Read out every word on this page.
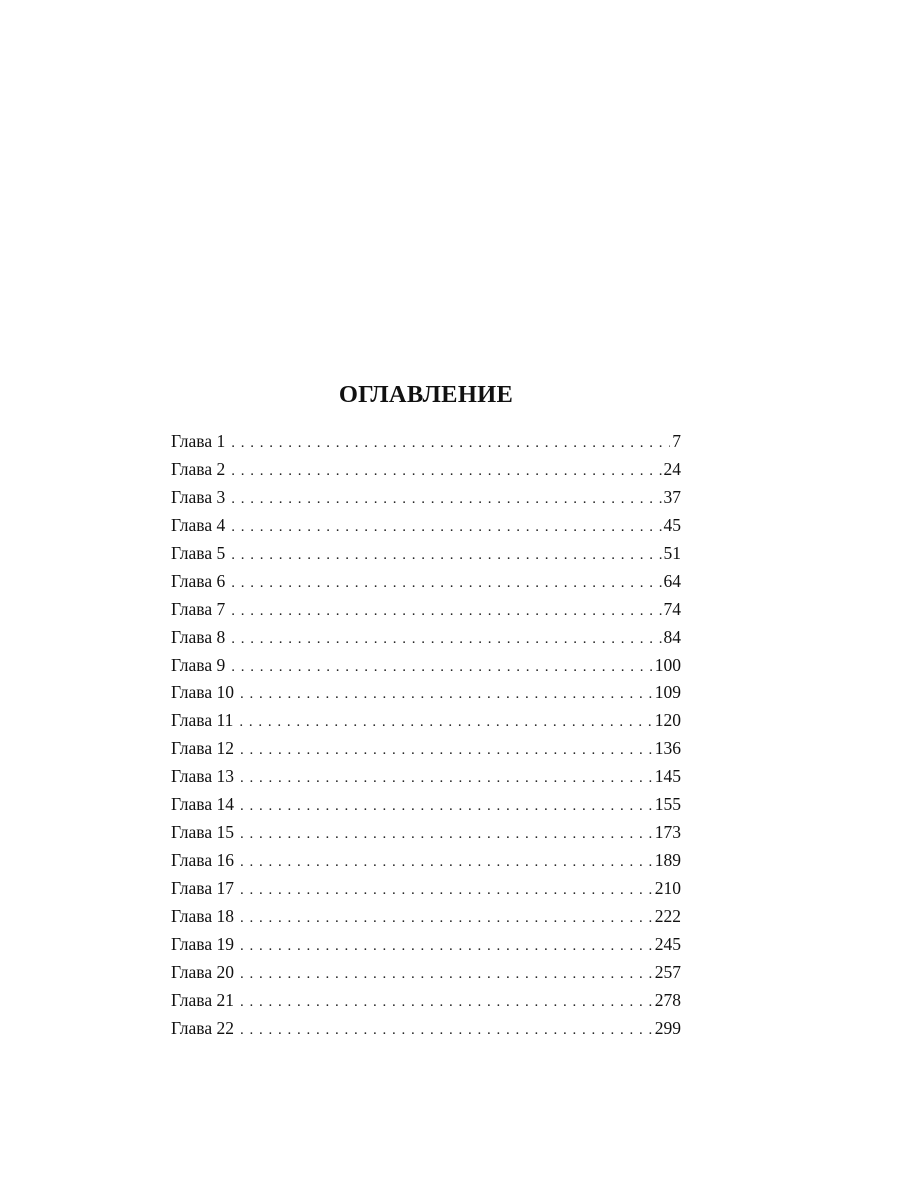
ОГЛАВЛЕНИЕ
Глава 1 . . .	7
Глава 2 . . .	24
Глава 3 . . .	37
Глава 4 . . .	45
Глава 5 . . .	51
Глава 6 . . .	64
Глава 7 . . .	74
Глава 8 . . .	84
Глава 9 . . .	100
Глава 10 . . .	109
Глава 11 . . .	120
Глава 12 . . .	136
Глава 13 . . .	145
Глава 14 . . .	155
Глава 15 . . .	173
Глава 16 . . .	189
Глава 17 . . .	210
Глава 18 . . .	222
Глава 19 . . .	245
Глава 20 . . .	257
Глава 21 . . .	278
Глава 22 . . .	299
